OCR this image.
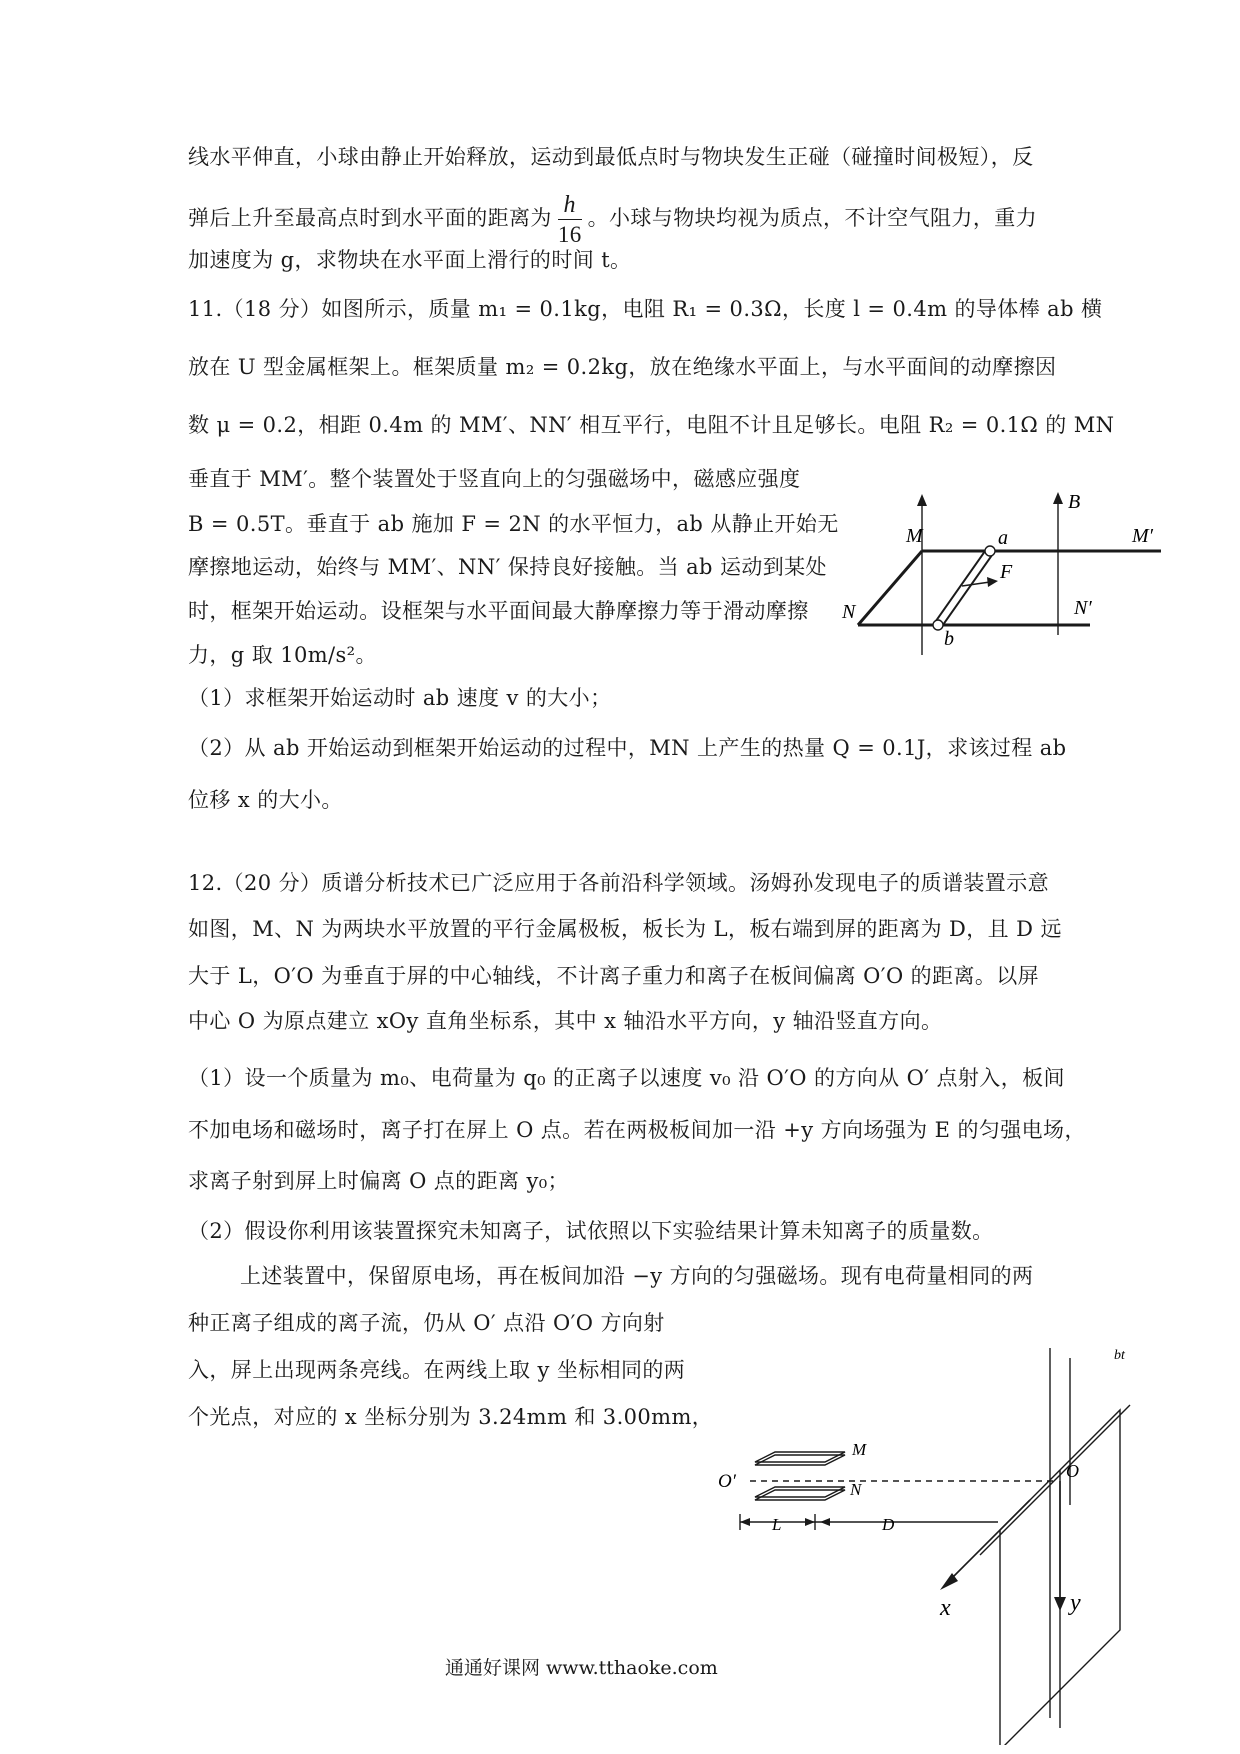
线水平伸直，小球由静止开始释放，运动到最低点时与物块发生正碰（碰撞时间极短），反
弹后上升至最高点时到水平面的距离为 $\frac{h}{16}$ 。小球与物块均视为质点，不计空气阻力，重力
加速度为 g，求物块在水平面上滑行的时间 t。
11.（18 分）如图所示，质量 m₁ = 0.1kg，电阻 R₁ = 0.3Ω，长度 l = 0.4m 的导体棒 ab 横
放在 U 型金属框架上。框架质量 m₂ = 0.2kg，放在绝缘水平面上，与水平面间的动摩擦因
数 μ = 0.2，相距 0.4m 的 MM′、NN′ 相互平行，电阻不计且足够长。电阻 R₂ = 0.1Ω 的 MN
垂直于 MM′。整个装置处于竖直向上的匀强磁场中，磁感应强度
B = 0.5T。垂直于 ab 施加 F = 2N 的水平恒力，ab 从静止开始无
摩擦地运动，始终与 MM′、NN′ 保持良好接触。当 ab 运动到某处
时，框架开始运动。设框架与水平面间最大静摩擦力等于滑动摩擦
力，g 取 10m/s²。
（1）求框架开始运动时 ab 速度 v 的大小；
（2）从 ab 开始运动到框架开始运动的过程中，MN 上产生的热量 Q = 0.1J，求该过程 ab
位移 x 的大小。
M	M′
N	N′
a
b
B
F
12.（20 分）质谱分析技术已广泛应用于各前沿科学领域。汤姆孙发现电子的质谱装置示意
如图，M、N 为两块水平放置的平行金属极板，板长为 L，板右端到屏的距离为 D，且 D 远
大于 L，O′O 为垂直于屏的中心轴线，不计离子重力和离子在板间偏离 O′O 的距离。以屏
中心 O 为原点建立 xOy 直角坐标系，其中 x 轴沿水平方向，y 轴沿竖直方向。
（1）设一个质量为 m₀、电荷量为 q₀ 的正离子以速度 v₀ 沿 O′O 的方向从 O′ 点射入，板间
不加电场和磁场时，离子打在屏上 O 点。若在两极板间加一沿 +y 方向场强为 E 的匀强电场，
求离子射到屏上时偏离 O 点的距离 y₀；
（2）假设你利用该装置探究未知离子，试依照以下实验结果计算未知离子的质量数。
上述装置中，保留原电场，再在板间加沿 −y 方向的匀强磁场。现有电荷量相同的两
种正离子组成的离子流，仍从 O′ 点沿 O′O 方向射
入，屏上出现两条亮线。在两线上取 y 坐标相同的两
个光点，对应的 x 坐标分别为 3.24mm 和 3.00mm，
M
N
O′	O
L	D
x	y
bt
通通好课网 www.tthaoke.com
